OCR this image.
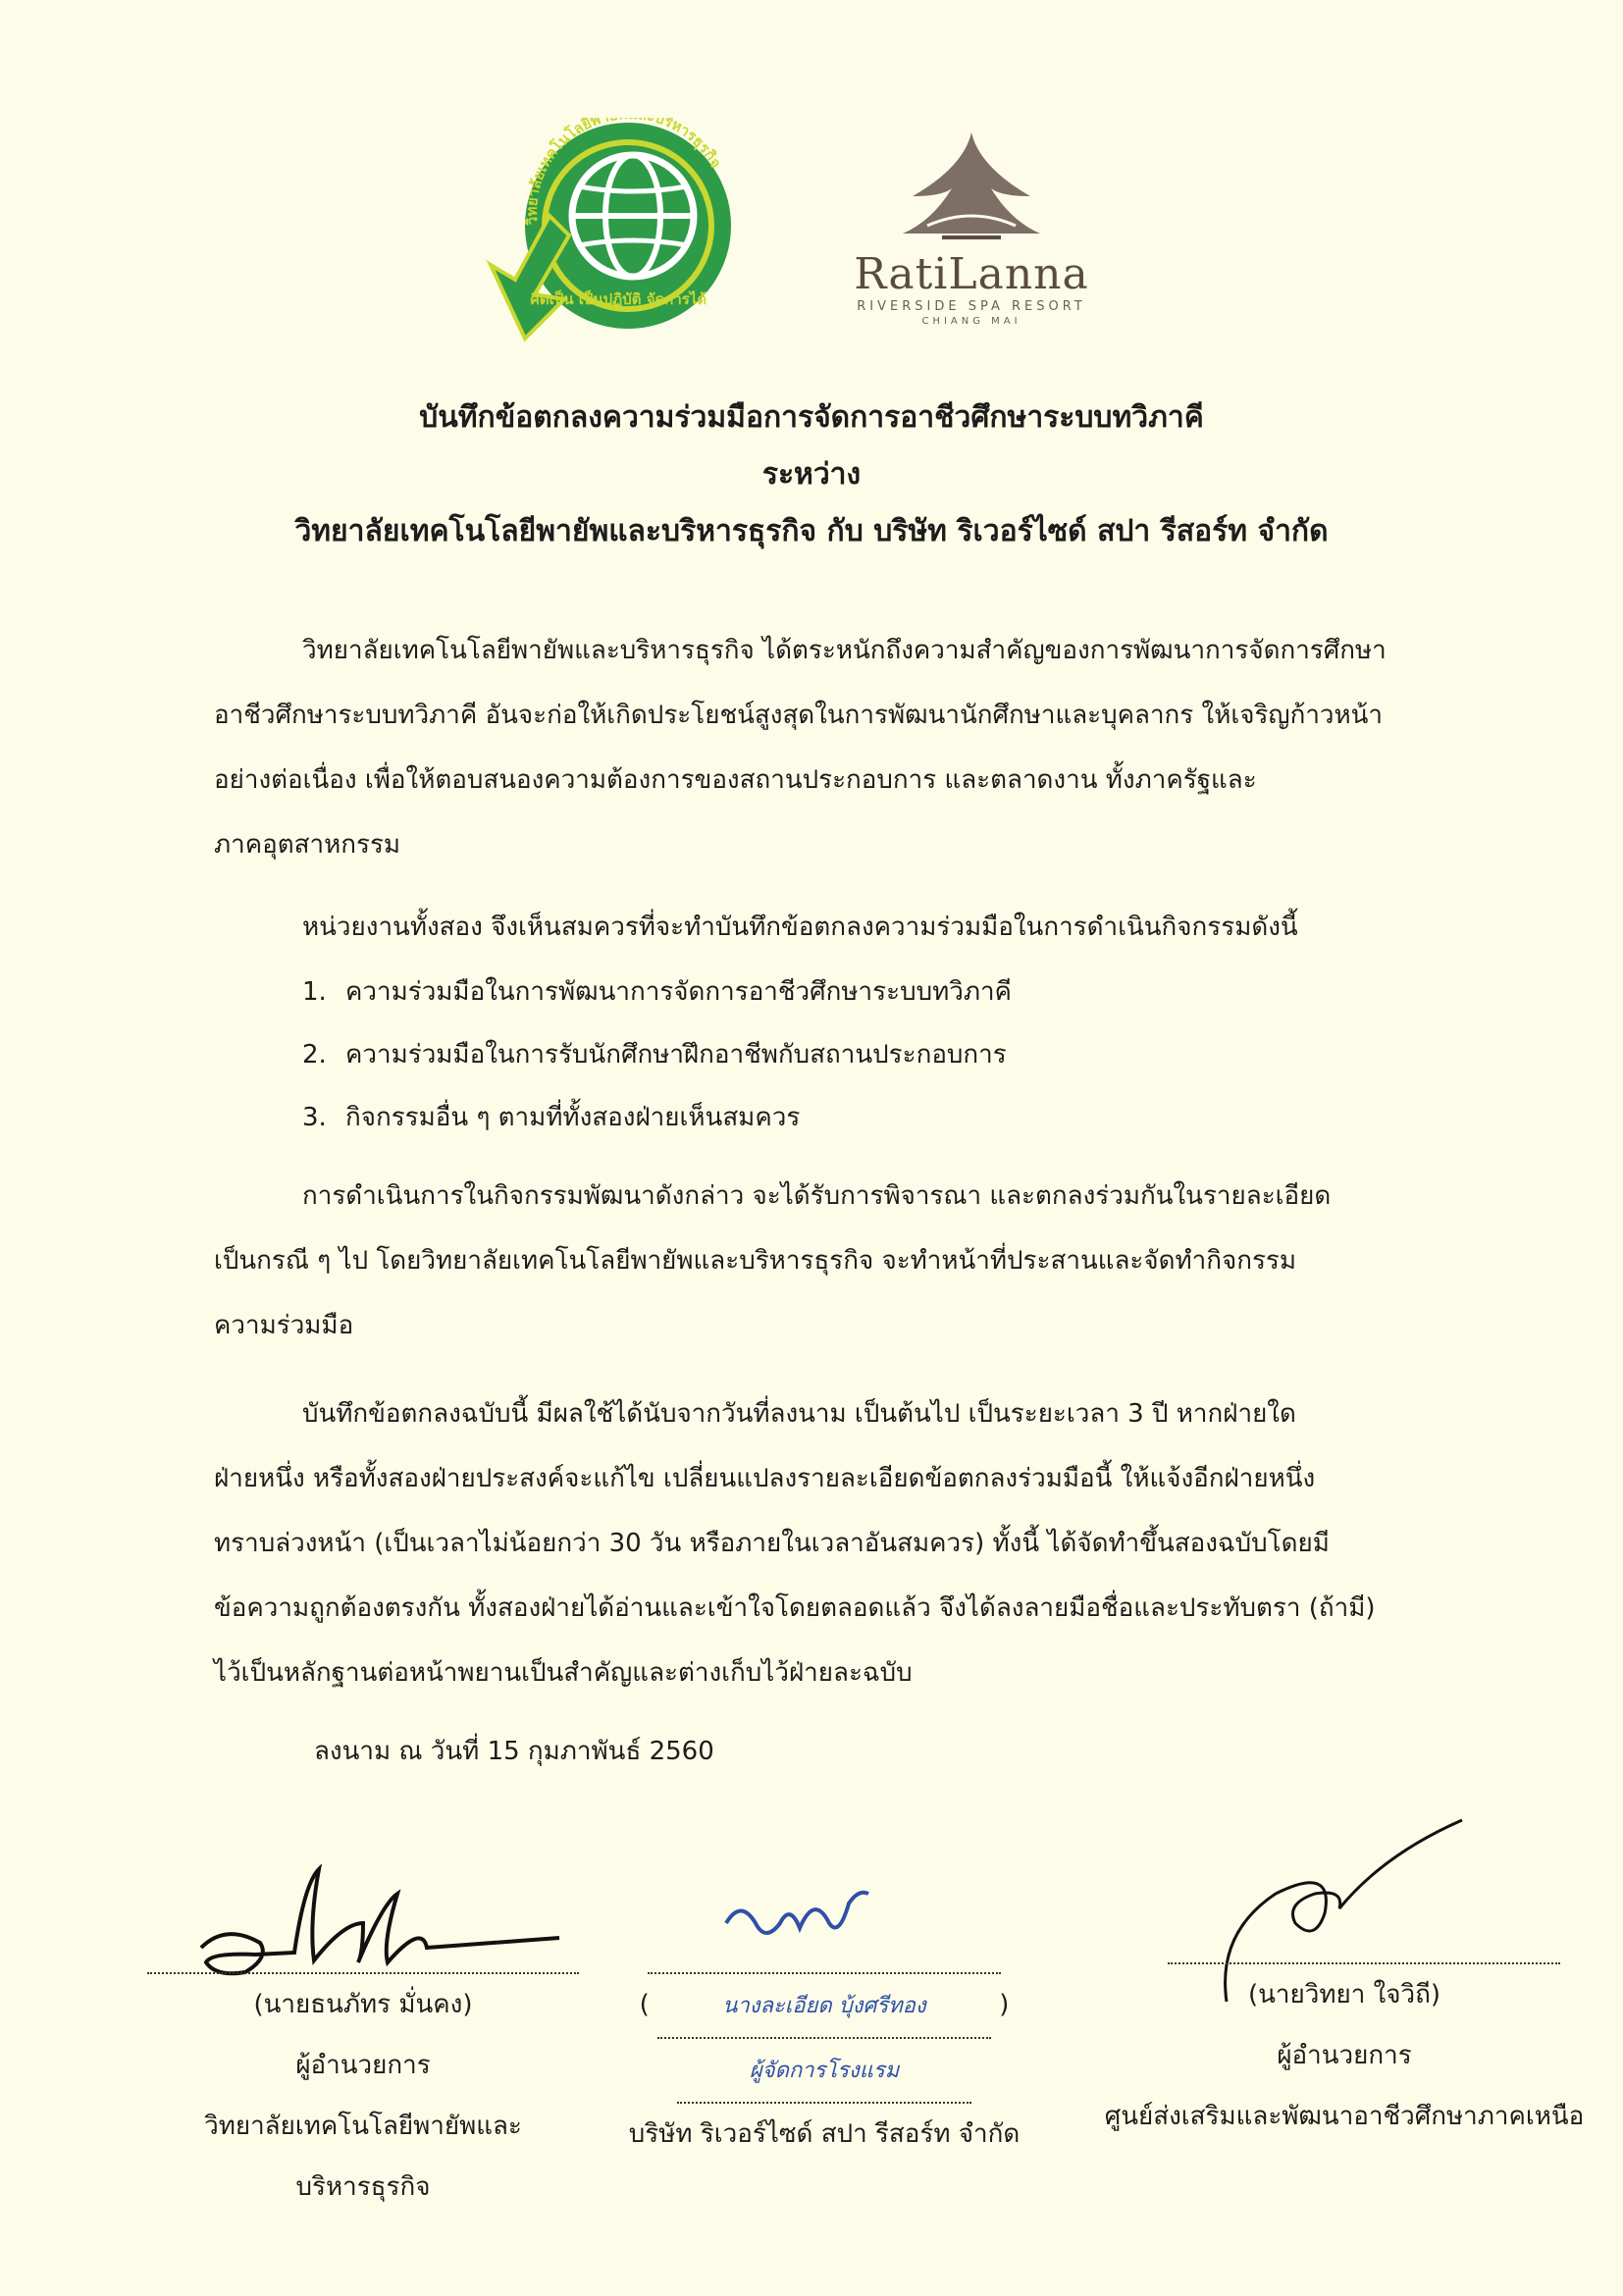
วิทยาลัยเทคโนโลยีพ บริหารธุรกิจ
คิดเป็น เป็นปฏิบัติ จัดการได้	RatiLanna
RIVERSIDE SPA RESORT
CHIANG MAI
บันทึกข้อตกลงความร่วมมือการจัดการอาชีวศึกษาระบบทวิภาคี
ระหว่าง
วิทยาลัยเทคโนโลยีพายัพและบริหารธุรกิจ กับ บริษัท ริเวอร์ไซด์ สปา รีสอร์ท จำกัด
วิทยาลัยเทคโนโลยีพายัพและบริหารธุรกิจ ได้ตระหนักถึงความสำคัญของการพัฒนาการจัดการศึกษา
อาชีวศึกษาระบบทวิภาคี อันจะก่อให้เกิดประโยชน์สูงสุดในการพัฒนานักศึกษาและบุคลากร ให้เจริญก้าวหน้า
อย่างต่อเนื่อง เพื่อให้ตอบสนองความต้องการของสถานประกอบการ และตลาดงาน ทั้งภาครัฐและ
ภาคอุตสาหกรรม
หน่วยงานทั้งสอง จึงเห็นสมควรที่จะทำบันทึกข้อตกลงความร่วมมือในการดำเนินกิจกรรมดังนี้
1. ความร่วมมือในการพัฒนาการจัดการอาชีวศึกษาระบบทวิภาคี
2. ความร่วมมือในการรับนักศึกษาฝึกอาชีพกับสถานประกอบการ
3. กิจกรรมอื่น ๆ ตามที่ทั้งสองฝ่ายเห็นสมควร
การดำเนินการในกิจกรรมพัฒนาดังกล่าว จะได้รับการพิจารณา และตกลงร่วมกันในรายละเอียด
เป็นกรณี ๆ ไป โดยวิทยาลัยเทคโนโลยีพายัพและบริหารธุรกิจ จะทำหน้าที่ประสานและจัดทำกิจกรรม
ความร่วมมือ
บันทึกข้อตกลงฉบับนี้ มีผลใช้ได้นับจากวันที่ลงนาม เป็นต้นไป เป็นระยะเวลา 3 ปี หากฝ่ายใด
ฝ่ายหนึ่ง หรือทั้งสองฝ่ายประสงค์จะแก้ไข เปลี่ยนแปลงรายละเอียดข้อตกลงร่วมมือนี้ ให้แจ้งอีกฝ่ายหนึ่ง
ทราบล่วงหน้า (เป็นเวลาไม่น้อยกว่า 30 วัน หรือภายในเวลาอันสมควร) ทั้งนี้ ได้จัดทำขึ้นสองฉบับโดยมี
ข้อความถูกต้องตรงกัน ทั้งสองฝ่ายได้อ่านและเข้าใจโดยตลอดแล้ว จึงได้ลงลายมือชื่อและประทับตรา (ถ้ามี)
ไว้เป็นหลักฐานต่อหน้าพยานเป็นสำคัญและต่างเก็บไว้ฝ่ายละฉบับ
ลงนาม ณ วันที่ 15 กุมภาพันธ์ 2560
(นายธนภัทร มั่นคง)
ผู้อำนวยการ
วิทยาลัยเทคโนโลยีพายัพและบริหารธุรกิจ
(	นางละเอียด บุ้งศรีทอง	)
ผู้จัดการโรงแรม
บริษัท ริเวอร์ไซด์ สปา รีสอร์ท จำกัด
(นายวิทยา ใจวิถี)
ผู้อำนวยการ
ศูนย์ส่งเสริมและพัฒนาอาชีวศึกษาภาคเหนือ
